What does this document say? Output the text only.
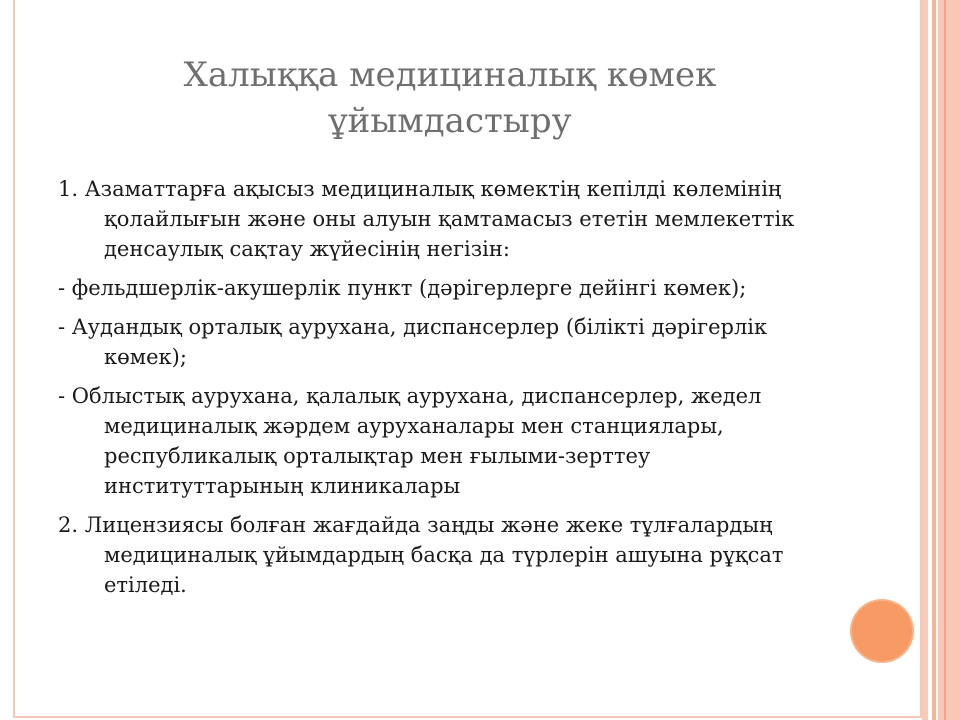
Халыққа медициналық көмек
ұйымдастыру
1. Азаматтарға ақысыз медициналық көмектің кепілді көлемінің қолайлығын және оны алуын қамтамасыз ететін мемлекеттік денсаулық сақтау жүйесінің негізін:
- фельдшерлік-акушерлік пункт (дәрігерлерге дейінгі көмек);
- Аудандық орталық аурухана, диспансерлер (білікті дәрігерлік көмек);
- Облыстық аурухана, қалалық аурухана, диспансерлер, жедел медициналық жәрдем ауруханалары мен станциялары, республикалық орталықтар мен ғылыми-зерттеу институттарының клиникалары
2. Лицензиясы болған жағдайда заңды және жеке тұлғалардың медициналық ұйымдардың басқа да түрлерін ашуына рұқсат етіледі.
